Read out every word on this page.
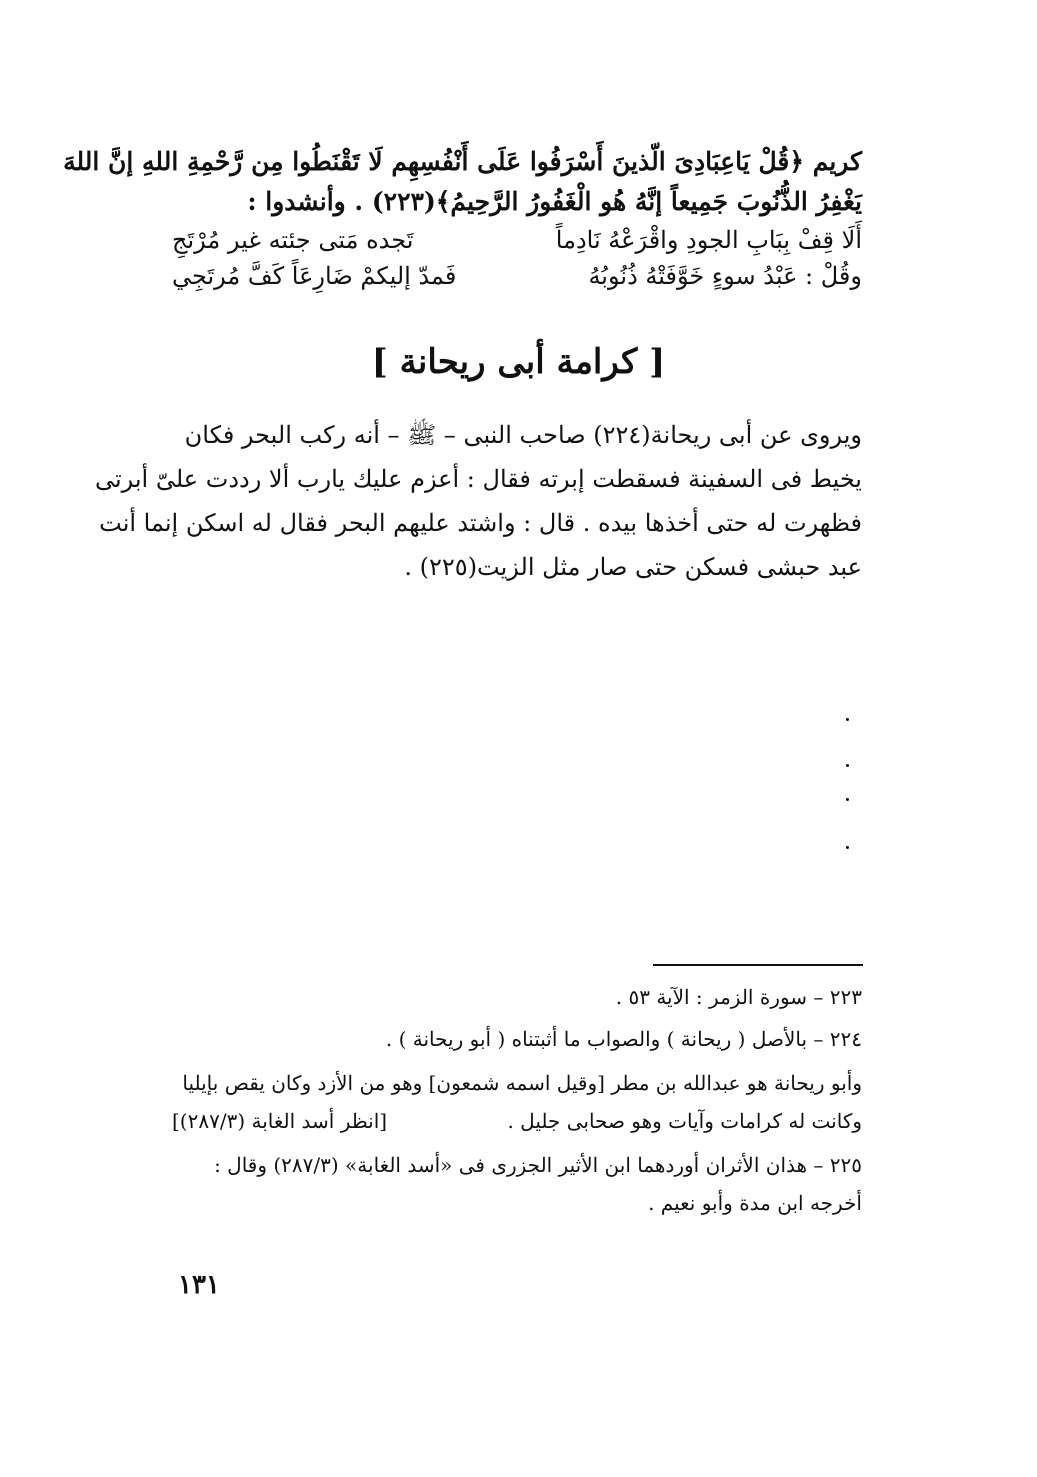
كريم ﴿قُلْ يَاعِبَادِىَ الّذينَ أَسْرَفُوا عَلَى أَنْفُسِهِم لَا تَقْنَطُوا مِن رَّحْمِةِ اللهِ إنَّ اللهَ
يَغْفِرُ الذُّنُوبَ جَمِيعاً إنَّهُ هُو الْغَفُورُ الرَّحِيمُ﴾(٢٢٣) . وأنشدوا :
أَلَا قِفْ بِبَابِ الجودِ واقْرَعْهُ نَادِماً
تَجده مَتى جئته غير مُرْتَجِ
وقُلْ : عَبْدُ سوءٍ خَوَّفَتْهُ ذُنُوبُهُ
فَمدّ إليكمْ ضَارِعَاً كَفَّ مُرتَجِي
[ كرامة أبى ريحانة ]
ويروى عن أبى ريحانة(٢٢٤) صاحب النبى – ﷺ – أنه ركب البحر فكان
يخيط فى السفينة فسقطت إبرته فقال : أعزم عليك يارب ألا رددت علىّ أبرتى
فظهرت له حتى أخذها بيده . قال : واشتد عليهم البحر فقال له اسكن إنما أنت
عبد حبشى فسكن حتى صار مثل الزيت(٢٢٥) .
٢٢٣ – سورة الزمر : الآية ٥٣ .
٢٢٤ – بالأصل ( ريحانة ) والصواب ما أثبتناه ( أبو ريحانة ) .
وأبو ريحانة هو عبدالله بن مطر [وقيل اسمه شمعون] وهو من الأزد وكان يقص بإيليا
وكانت له كرامات وآيات وهو صحابى جليل .
[انظر أسد الغابة (٢٨٧/٣)]
٢٢٥ – هذان الأثران أوردهما ابن الأثير الجزرى فى «أسد الغابة» (٢٨٧/٣) وقال :
أخرجه ابن مدة وأبو نعيم .
١٣١
